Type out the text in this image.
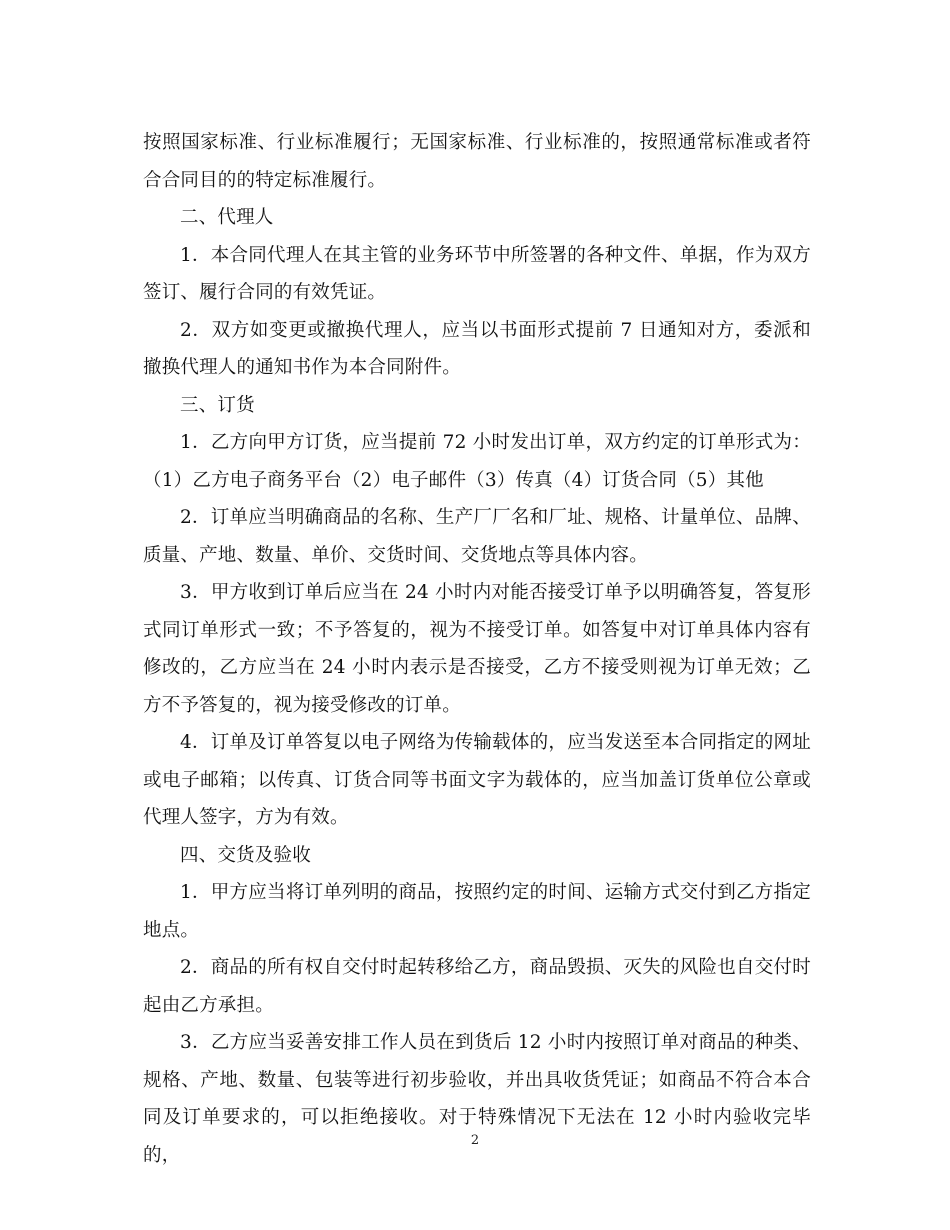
按照国家标准、行业标准履行；无国家标准、行业标准的，按照通常标准或者符合合同目的的特定标准履行。

二、代理人

1．本合同代理人在其主管的业务环节中所签署的各种文件、单据，作为双方签订、履行合同的有效凭证。

2．双方如变更或撤换代理人，应当以书面形式提前 7 日通知对方，委派和撤换代理人的通知书作为本合同附件。

三、订货

1．乙方向甲方订货，应当提前 72 小时发出订单，双方约定的订单形式为：（1）乙方电子商务平台（2）电子邮件（3）传真（4）订货合同（5）其他

2．订单应当明确商品的名称、生产厂厂名和厂址、规格、计量单位、品牌、质量、产地、数量、单价、交货时间、交货地点等具体内容。

3．甲方收到订单后应当在 24 小时内对能否接受订单予以明确答复，答复形式同订单形式一致；不予答复的，视为不接受订单。如答复中对订单具体内容有修改的，乙方应当在 24 小时内表示是否接受，乙方不接受则视为订单无效；乙方不予答复的，视为接受修改的订单。

4．订单及订单答复以电子网络为传输载体的，应当发送至本合同指定的网址或电子邮箱；以传真、订货合同等书面文字为载体的，应当加盖订货单位公章或代理人签字，方为有效。

四、交货及验收

1．甲方应当将订单列明的商品，按照约定的时间、运输方式交付到乙方指定地点。

2．商品的所有权自交付时起转移给乙方，商品毁损、灭失的风险也自交付时起由乙方承担。

3．乙方应当妥善安排工作人员在到货后 12 小时内按照订单对商品的种类、规格、产地、数量、包装等进行初步验收，并出具收货凭证；如商品不符合本合同及订单要求的，可以拒绝接收。对于特殊情况下无法在 12 小时内验收完毕的，

2
